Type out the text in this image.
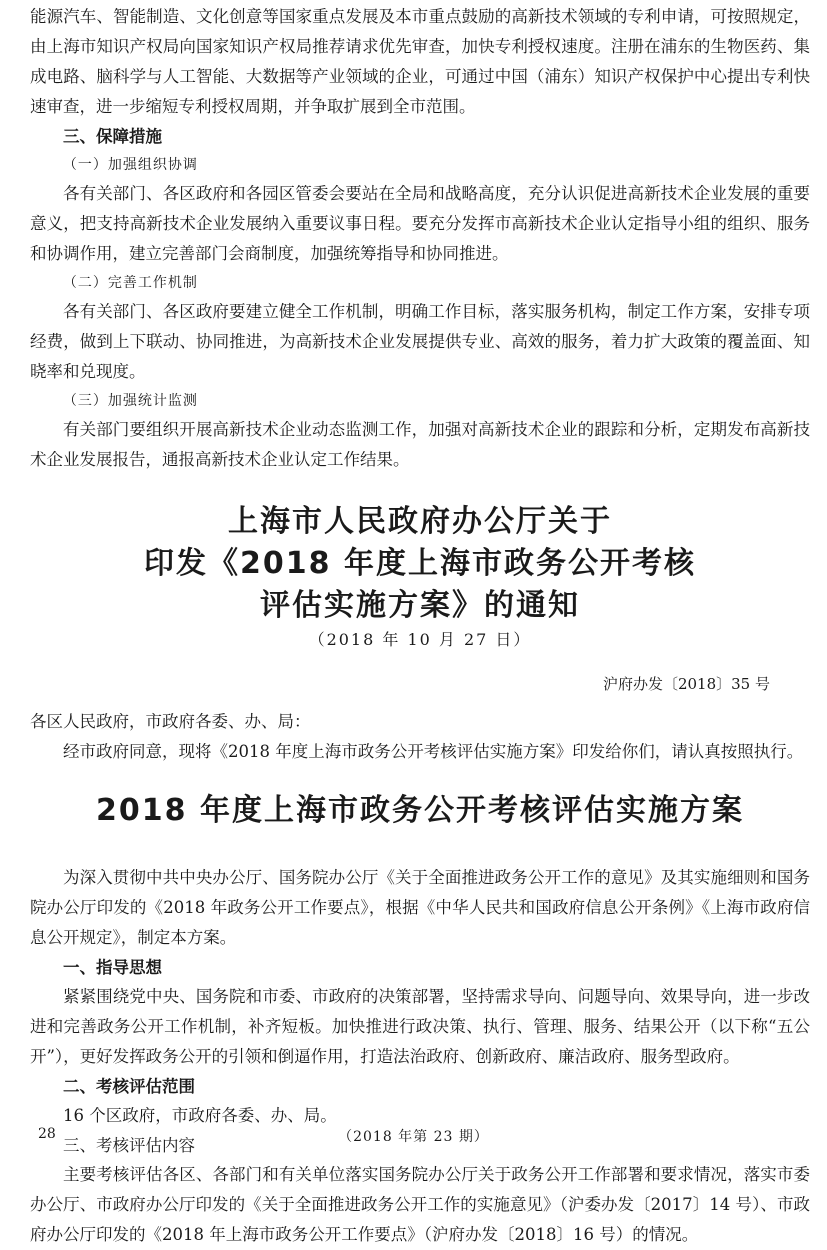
能源汽车、智能制造、文化创意等国家重点发展及本市重点鼓励的高新技术领域的专利申请，可按照规定，由上海市知识产权局向国家知识产权局推荐请求优先审查，加快专利授权速度。注册在浦东的生物医药、集成电路、脑科学与人工智能、大数据等产业领域的企业，可通过中国（浦东）知识产权保护中心提出专利快速审查，进一步缩短专利授权周期，并争取扩展到全市范围。

三、保障措施

（一）加强组织协调

各有关部门、各区政府和各园区管委会要站在全局和战略高度，充分认识促进高新技术企业发展的重要意义，把支持高新技术企业发展纳入重要议事日程。要充分发挥市高新技术企业认定指导小组的组织、服务和协调作用，建立完善部门会商制度，加强统筹指导和协同推进。

（二）完善工作机制

各有关部门、各区政府要建立健全工作机制，明确工作目标，落实服务机构，制定工作方案，安排专项经费，做到上下联动、协同推进，为高新技术企业发展提供专业、高效的服务，着力扩大政策的覆盖面、知晓率和兑现度。

（三）加强统计监测

有关部门要组织开展高新技术企业动态监测工作，加强对高新技术企业的跟踪和分析，定期发布高新技术企业发展报告，通报高新技术企业认定工作结果。

上海市人民政府办公厅关于

印发《2018 年度上海市政务公开考核

评估实施方案》的通知

（2018 年 10 月 27 日）

沪府办发〔2018〕35 号

各区人民政府，市政府各委、办、局：

经市政府同意，现将《2018 年度上海市政务公开考核评估实施方案》印发给你们，请认真按照执行。

2018 年度上海市政务公开考核评估实施方案

为深入贯彻中共中央办公厅、国务院办公厅《关于全面推进政务公开工作的意见》及其实施细则和国务院办公厅印发的《2018 年政务公开工作要点》，根据《中华人民共和国政府信息公开条例》《上海市政府信息公开规定》，制定本方案。

一、指导思想

紧紧围绕党中央、国务院和市委、市政府的决策部署，坚持需求导向、问题导向、效果导向，进一步改进和完善政务公开工作机制，补齐短板。加快推进行政决策、执行、管理、服务、结果公开（以下称“五公开”），更好发挥政务公开的引领和倒逼作用，打造法治政府、创新政府、廉洁政府、服务型政府。

二、考核评估范围

16 个区政府，市政府各委、办、局。

三、考核评估内容

主要考核评估各区、各部门和有关单位落实国务院办公厅关于政务公开工作部署和要求情况，落实市委办公厅、市政府办公厅印发的《关于全面推进政务公开工作的实施意见》（沪委办发〔2017〕14 号）、市政府办公厅印发的《2018 年上海市政务公开工作要点》（沪府办发〔2018〕16 号）的情况。

（2018 年第 23 期）
28
